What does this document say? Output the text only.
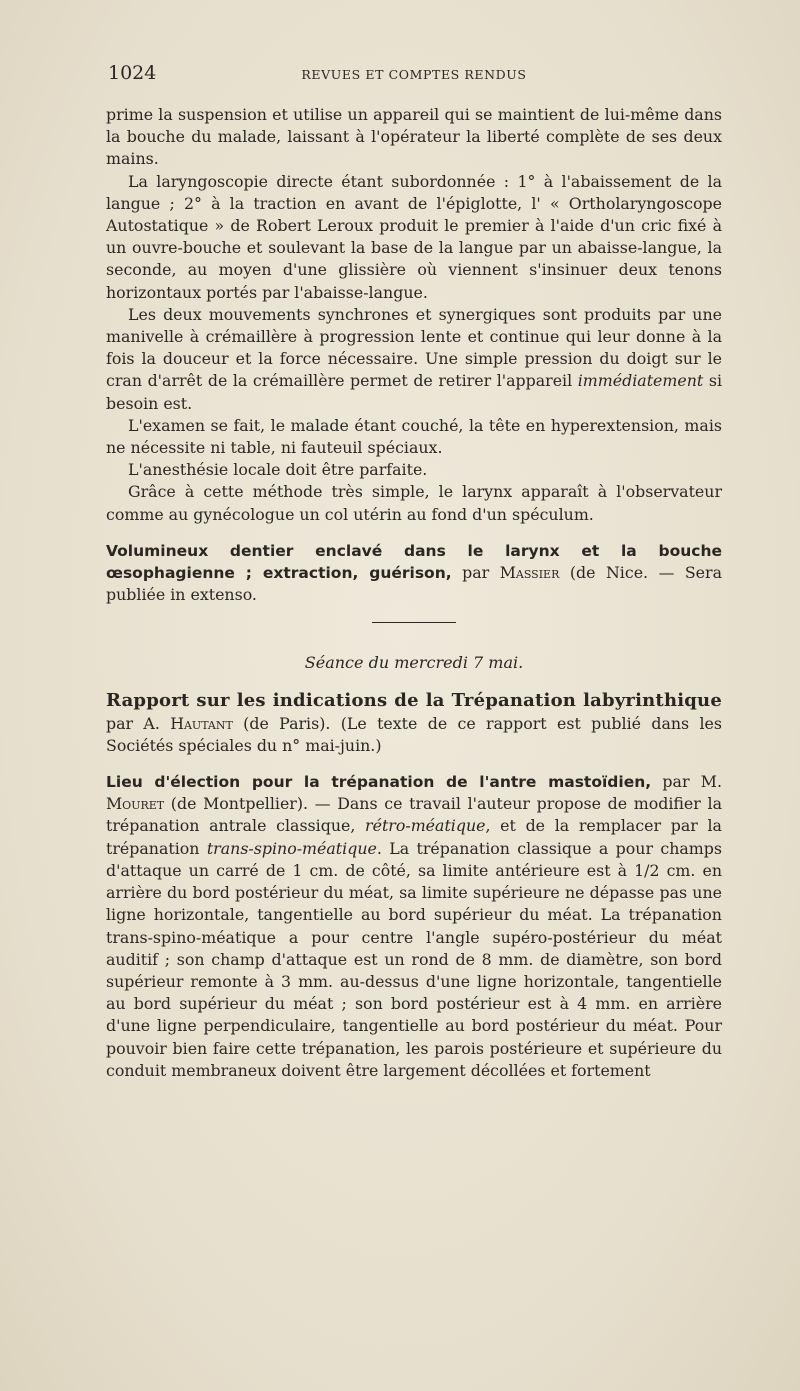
1024	REVUES ET COMPTES RENDUS

prime la suspension et utilise un appareil qui se maintient de lui-même dans la bouche du malade, laissant à l'opérateur la liberté complète de ses deux mains.

La laryngoscopie directe étant subordonnée : 1° à l'abaissement de la langue ; 2° à la traction en avant de l'épiglotte, l' « Ortholaryngoscope Autostatique » de Robert Leroux produit le premier à l'aide d'un cric fixé à un ouvre-bouche et soulevant la base de la langue par un abaisse-langue, la seconde, au moyen d'une glissière où viennent s'insinuer deux tenons horizontaux portés par l'abaisse-langue.

Les deux mouvements synchrones et synergiques sont produits par une manivelle à crémaillère à progression lente et continue qui leur donne à la fois la douceur et la force nécessaire. Une simple pression du doigt sur le cran d'arrêt de la crémaillère permet de retirer l'appareil immédiatement si besoin est.

L'examen se fait, le malade étant couché, la tête en hyperextension, mais ne nécessite ni table, ni fauteuil spéciaux.

L'anesthésie locale doit être parfaite.

Grâce à cette méthode très simple, le larynx apparaît à l'observateur comme au gynécologue un col utérin au fond d'un spéculum.

Volumineux dentier enclavé dans le larynx et la bouche œsophagienne ; extraction, guérison, par Massier (de Nice. — Sera publiée in extenso.

Séance du mercredi 7 mai.

Rapport sur les indications de la Trépanation labyrinthique par A. Hautant (de Paris). (Le texte de ce rapport est publié dans les Sociétés spéciales du n° mai-juin.)

Lieu d'élection pour la trépanation de l'antre mastoïdien, par M. Mouret (de Montpellier). — Dans ce travail l'auteur propose de modifier la trépanation antrale classique, rétro-méatique, et de la remplacer par la trépanation trans-spino-méatique. La trépanation classique a pour champs d'attaque un carré de 1 cm. de côté, sa limite antérieure est à 1/2 cm. en arrière du bord postérieur du méat, sa limite supérieure ne dépasse pas une ligne horizontale, tangentielle au bord supérieur du méat. La trépanation trans-spino-méatique a pour centre l'angle supéro-postérieur du méat auditif ; son champ d'attaque est un rond de 8 mm. de diamètre, son bord supérieur remonte à 3 mm. au-dessus d'une ligne horizontale, tangentielle au bord supérieur du méat ; son bord postérieur est à 4 mm. en arrière d'une ligne perpendiculaire, tangentielle au bord postérieur du méat. Pour pouvoir bien faire cette trépanation, les parois postérieure et supérieure du conduit membraneux doivent être largement décollées et fortement
